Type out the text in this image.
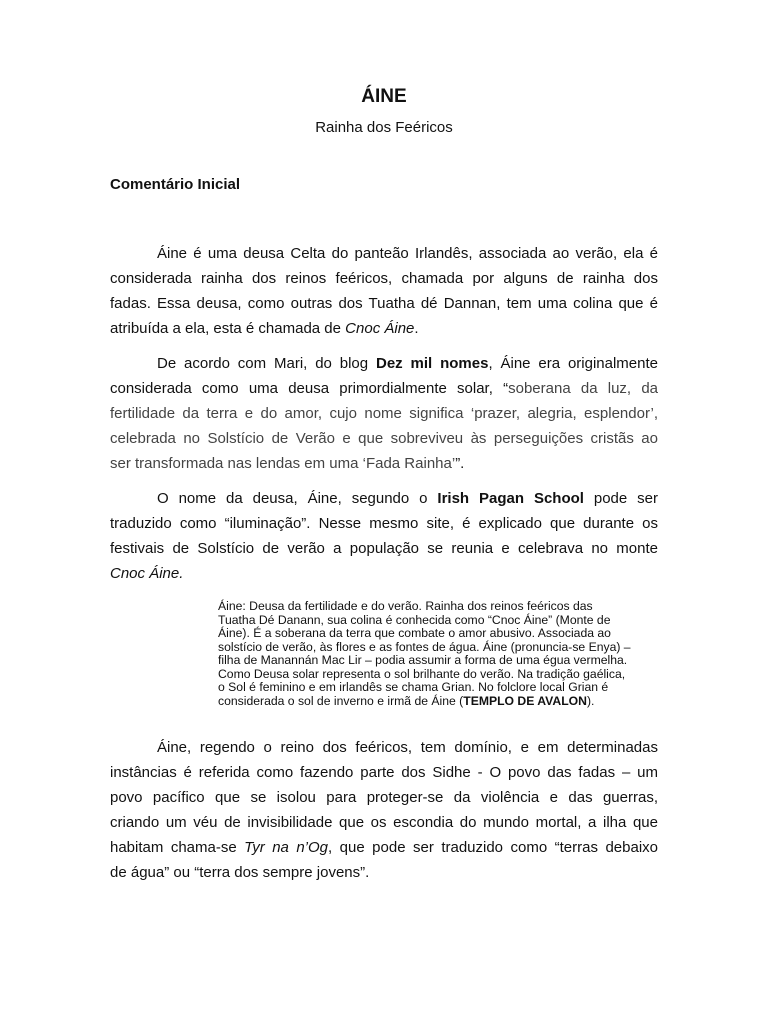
ÁINE
Rainha dos Feéricos
Comentário Inicial

Áine é uma deusa Celta do panteão Irlandês, associada ao verão, ela é
considerada rainha dos reinos feéricos, chamada por alguns de rainha dos
fadas. Essa deusa, como outras dos Tuatha dé Dannan, tem uma colina que é
atribuída a ela, esta é chamada de Cnoc Áine.

De acordo com Mari, do blog Dez mil nomes, Áine era originalmente
considerada como uma deusa primordialmente solar, “soberana da luz, da
fertilidade da terra e do amor, cujo nome significa ‘prazer, alegria, esplendor’,
celebrada no Solstício de Verão e que sobreviveu às perseguições cristãs ao
ser transformada nas lendas em uma ‘Fada Rainha’”.

O nome da deusa, Áine, segundo o Irish Pagan School pode ser
traduzido como “iluminação”. Nesse mesmo site, é explicado que durante os
festivais de Solstício de verão a população se reunia e celebrava no monte
Cnoc Áine.

Áine: Deusa da fertilidade e do verão. Rainha dos reinos feéricos das
Tuatha Dé Danann, sua colina é conhecida como “Cnoc Áine” (Monte de
Áine). É a soberana da terra que combate o amor abusivo. Associada ao
solstício de verão, às flores e as fontes de água. Áine (pronuncia-se Enya) –
filha de Manannán Mac Lir – podia assumir a forma de uma égua vermelha.
Como Deusa solar representa o sol brilhante do verão. Na tradição gaélica,
o Sol é feminino e em irlandês se chama Grian. No folclore local Grian é
considerada o sol de inverno e irmã de Áine (TEMPLO DE AVALON).

Áine, regendo o reino dos feéricos, tem domínio, e em determinadas
instâncias é referida como fazendo parte dos Sidhe - O povo das fadas – um
povo pacífico que se isolou para proteger-se da violência e das guerras,
criando um véu de invisibilidade que os escondia do mundo mortal, a ilha que
habitam chama-se Tyr na n’Og, que pode ser traduzido como “terras debaixo
de água” ou “terra dos sempre jovens”.
